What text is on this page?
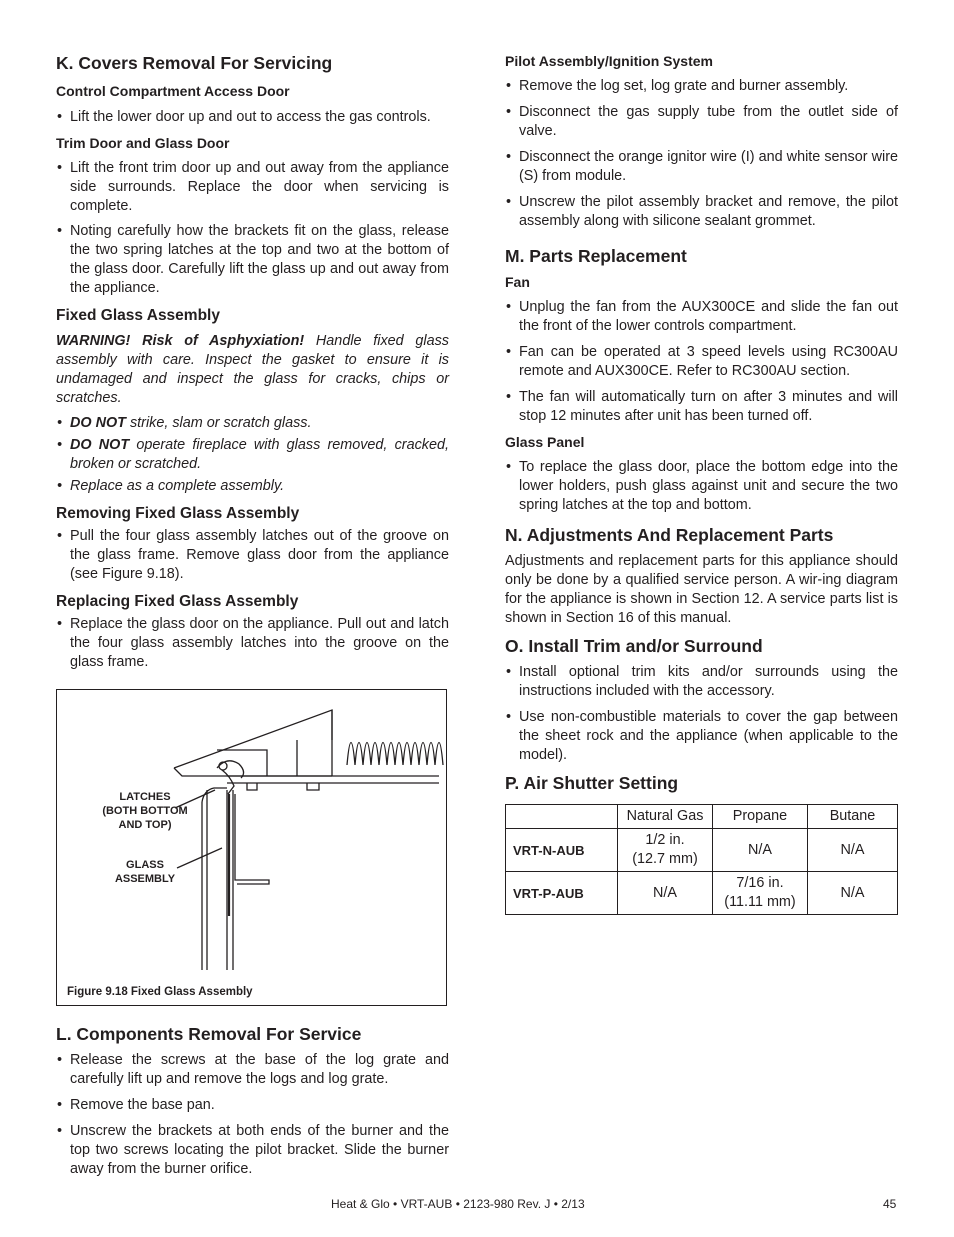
K. Covers Removal For Servicing
Control Compartment Access Door
• Lift the lower door up and out to access the gas controls.
Trim Door and Glass Door
• Lift the front trim door up and out away from the appliance side surrounds. Replace the door when servicing is complete.
• Noting carefully how the brackets fit on the glass, release the two spring latches at the top and two at the bottom of the glass door. Carefully lift the glass up and out away from the appliance.
Fixed Glass Assembly

WARNING! Risk of Asphyxiation! Handle fixed glass assembly with care. Inspect the gasket to ensure it is undamaged and inspect the glass for cracks, chips or scratches.

• DO NOT strike, slam or scratch glass.
• DO NOT operate fireplace with glass removed, cracked, broken or scratched.
• Replace as a complete assembly.
Removing Fixed Glass Assembly
• Pull the four glass assembly latches out of the groove on the glass frame. Remove glass door from the appliance (see Figure 9.18).
Replacing Fixed Glass Assembly
• Replace the glass door on the appliance. Pull out and latch the four glass assembly latches into the groove on the glass frame.
LATCHES
(BOTH BOTTOM
AND TOP)
GLASS
ASSEMBLY
Figure 9.18 Fixed Glass Assembly
L. Components Removal For Service
• Release the screws at the base of the log grate and carefully lift up and remove the logs and log grate.
• Remove the base pan.
• Unscrew the brackets at both ends of the burner and the top two screws locating the pilot bracket. Slide the burner away from the burner orifice.
Pilot Assembly/Ignition System
• Remove the log set, log grate and burner assembly.
• Disconnect the gas supply tube from the outlet side of valve.
• Disconnect the orange ignitor wire (I) and white sensor wire (S) from module.
• Unscrew the pilot assembly bracket and remove, the pilot assembly along with silicone sealant grommet.
M. Parts Replacement
Fan
• Unplug the fan from the AUX300CE and slide the fan out the front of the lower controls compartment.
• Fan can be operated at 3 speed levels using RC300AU remote and AUX300CE. Refer to RC300AU section.
• The fan will automatically turn on after 3 minutes and will stop 12 minutes after unit has been turned off.
Glass Panel
• To replace the glass door, place the bottom edge into the lower holders, push glass against unit and secure the two spring latches at the top and bottom.
N. Adjustments And Replacement Parts

Adjustments and replacement parts for this appliance should only be done by a qualified service person. A wir-ing diagram for the appliance is shown in Section 12. A service parts list is shown in Section 16 of this manual.

O. Install Trim and/or Surround
• Install optional trim kits and/or surrounds using the instructions included with the accessory.
• Use non-combustible materials to cover the gap between the sheet rock and the appliance (when applicable to the model).
P. Air Shutter Setting
	Natural Gas	Propane	Butane
VRT-N-AUB	1/2 in.
(12.7 mm)	N/A	N/A
VRT-P-AUB	N/A	7/16 in.
(11.11 mm)	N/A
Heat & Glo • VRT-AUB • 2123-980 Rev. J • 2/13	45
